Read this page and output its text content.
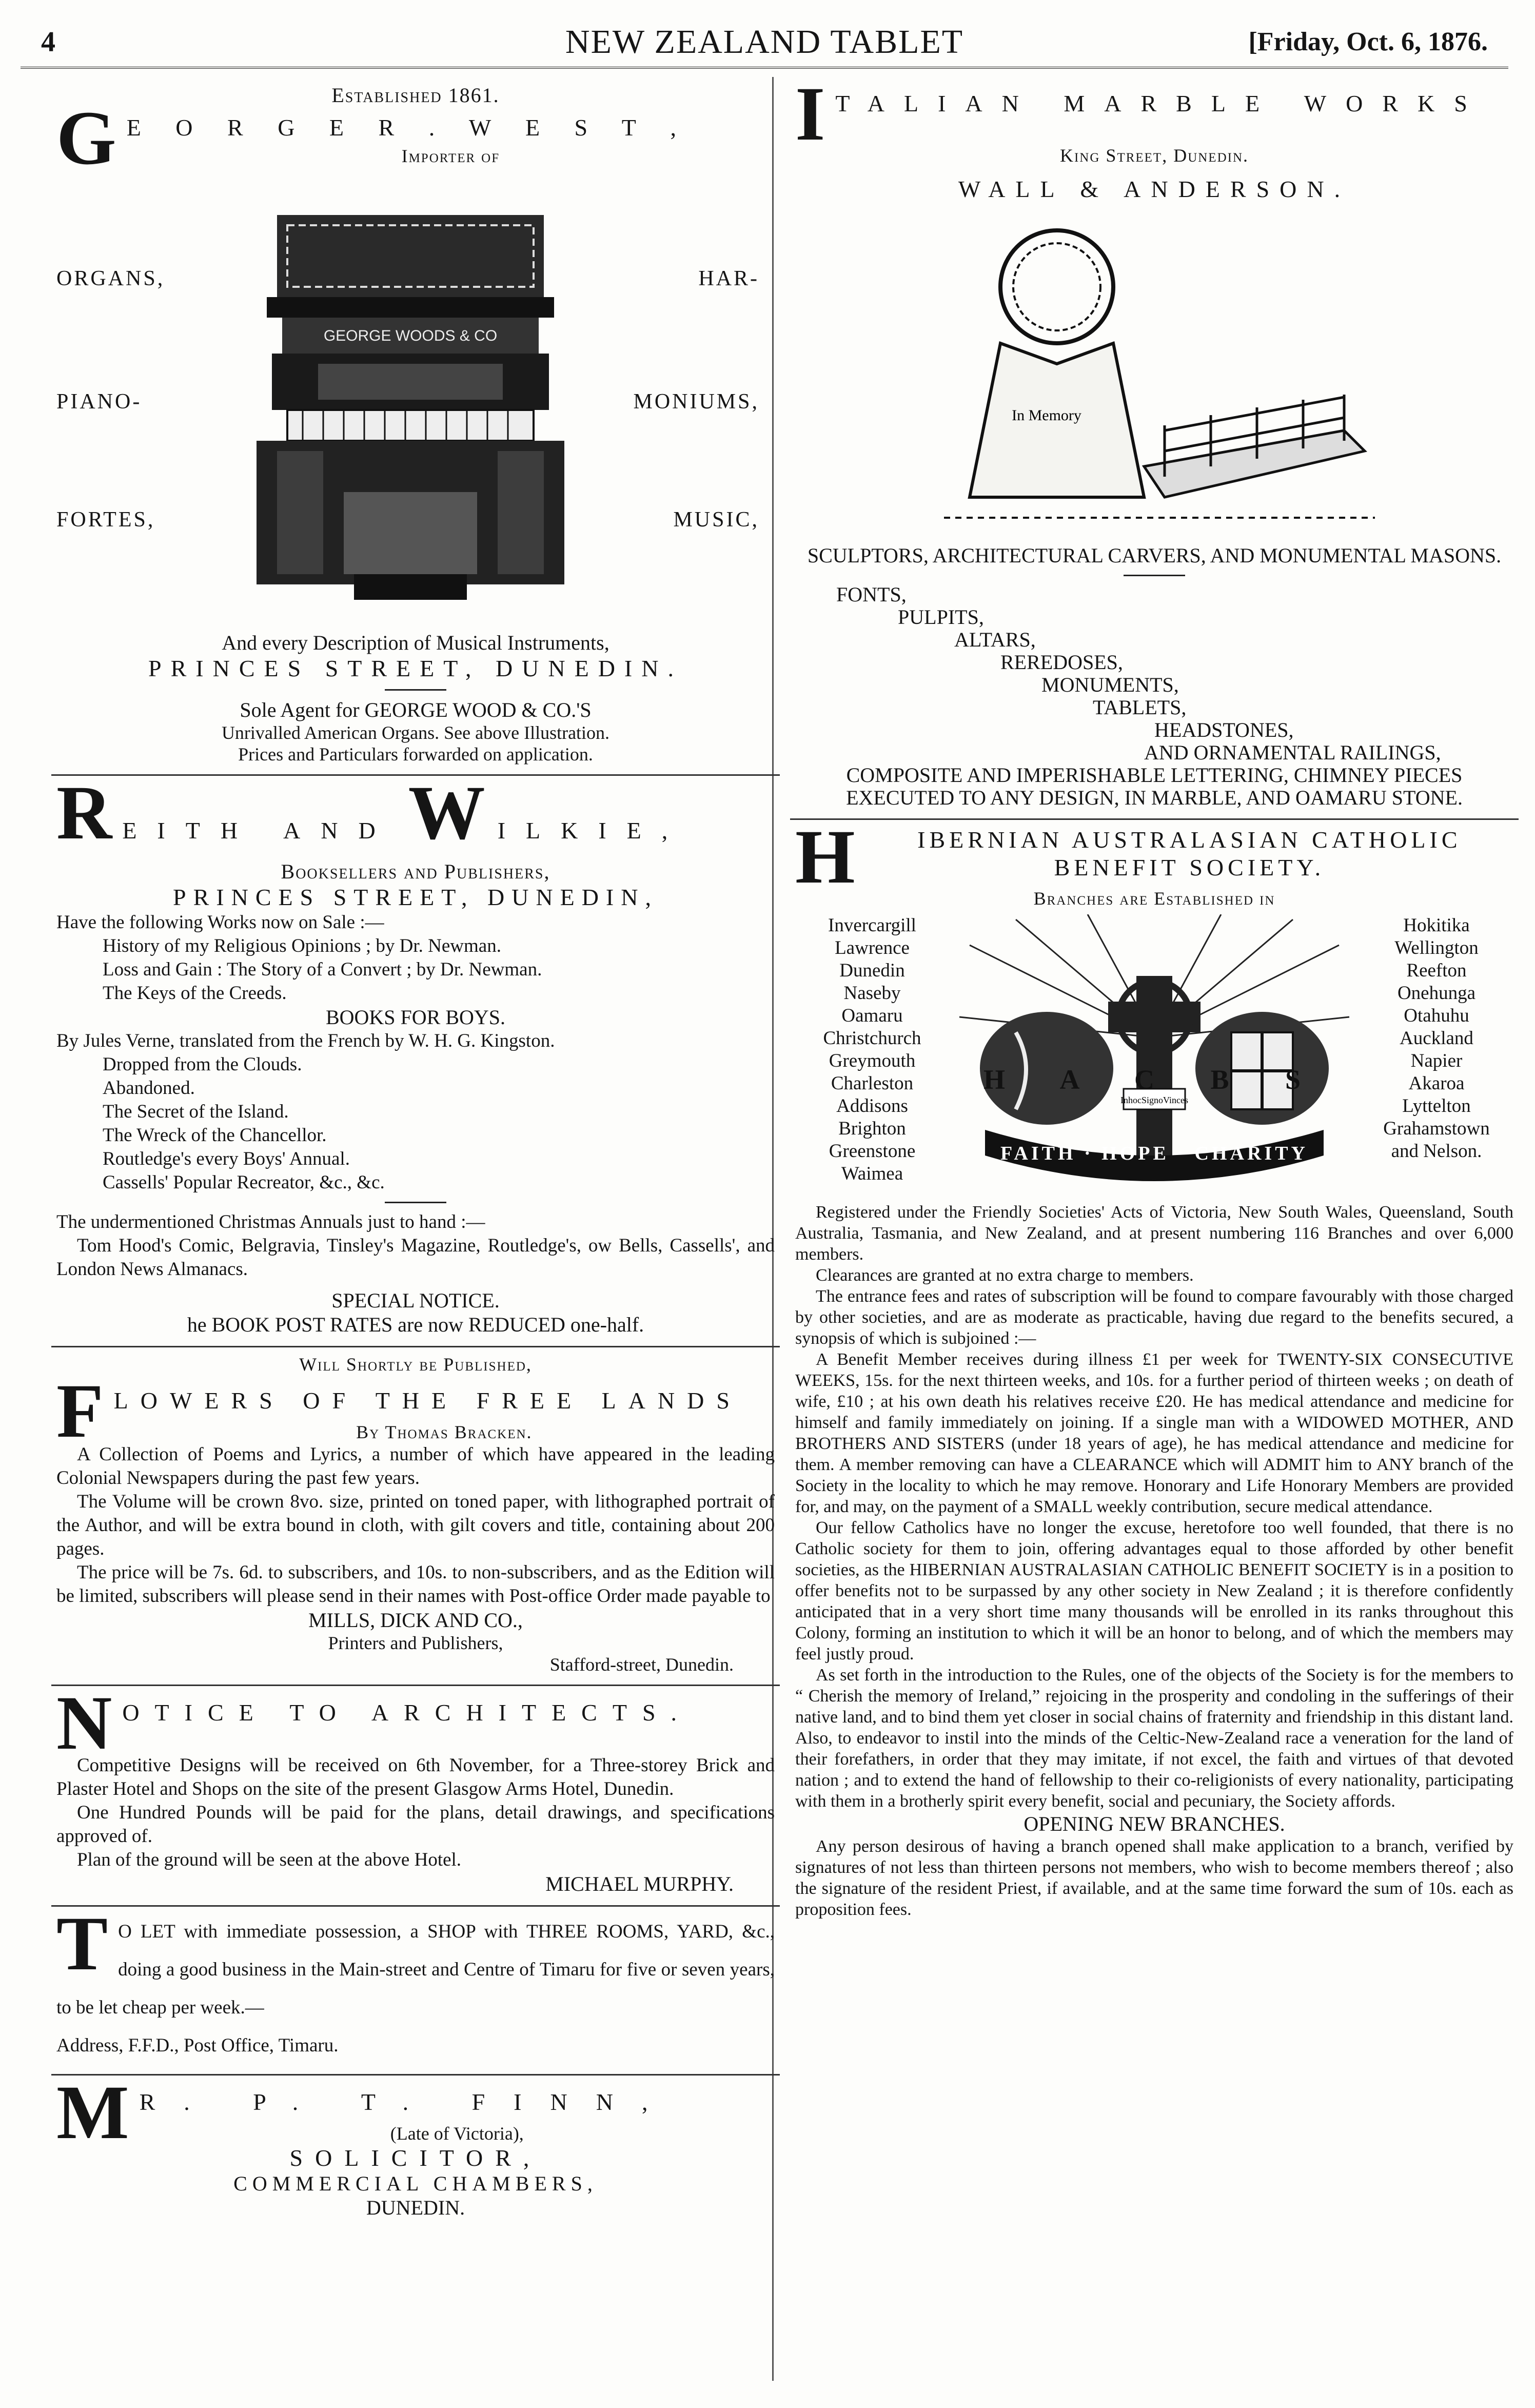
4	NEW ZEALAND TABLET	[Friday, Oct. 6, 1876.
Established 1861.
G E O R G E R . W E S T ,
Importer of
ORGANS,	HAR-
PIANO-	MONIUMS,
FORTES,	MUSIC,
GEORGE WOODS & CO
And every Description of Musical Instruments,
PRINCES STREET, DUNEDIN.
Sole Agent for GEORGE WOOD & CO.'S
Unrivalled American Organs. See above Illustration.
Prices and Particulars forwarded on application.
R EITH AND W ILKIE,
Booksellers and Publishers,
PRINCES STREET, DUNEDIN,
Have the following Works now on Sale :—

History of my Religious Opinions ; by Dr. Newman.

Loss and Gain : The Story of a Convert ; by Dr. Newman.

The Keys of the Creeds.

BOOKS FOR BOYS.
By Jules Verne, translated from the French by W. H. G. Kingston.

Dropped from the Clouds.

Abandoned.

The Secret of the Island.

The Wreck of the Chancellor.

Routledge's every Boys' Annual.

Cassells' Popular Recreator, &c., &c.

The undermentioned Christmas Annuals just to hand :—
Tom Hood's Comic, Belgravia, Tinsley's Magazine, Routledge's, ow Bells, Cassells', and London News Almanacs.
SPECIAL NOTICE.
he BOOK POST RATES are now REDUCED one-half.
Will Shortly be Published,
F LOWERS OF THE FREE LANDS
By Thomas Bracken.
A Collection of Poems and Lyrics, a number of which have appeared in the leading Colonial Newspapers during the past few years.
The Volume will be crown 8vo. size, printed on toned paper, with lithographed portrait of the Author, and will be extra bound in cloth, with gilt covers and title, containing about 200 pages.
The price will be 7s. 6d. to subscribers, and 10s. to non-subscribers, and as the Edition will be limited, subscribers will please send in their names with Post-office Order made payable to
MILLS, DICK AND CO.,
Printers and Publishers,
Stafford-street, Dunedin.
N OTICE TO ARCHITECTS.
Competitive Designs will be received on 6th November, for a Three-storey Brick and Plaster Hotel and Shops on the site of the present Glasgow Arms Hotel, Dunedin.
One Hundred Pounds will be paid for the plans, detail drawings, and specifications approved of.
Plan of the ground will be seen at the above Hotel.
MICHAEL MURPHY.
T O LET with immediate possession, a SHOP with THREE ROOMS, YARD, &c., doing a good business in the Main-street and Centre of Timaru for five or seven years, to be let cheap per week.—
Address, F.F.D., Post Office, Timaru.
M R. P. T. FINN,
(Late of Victoria),
SOLICITOR,
COMMERCIAL CHAMBERS,
DUNEDIN.
I TALIAN MARBLE WORKS
King Street, Dunedin.
WALL & ANDERSON.
In Memory
SCULPTORS, ARCHITECTURAL CARVERS, AND MONUMENTAL MASONS.
FONTS,
PULPITS,
ALTARS,
REREDOSES,
MONUMENTS,
TABLETS,
HEADSTONES,
AND ORNAMENTAL RAILINGS,
COMPOSITE AND IMPERISHABLE LETTERING, CHIMNEY PIECES EXECUTED TO ANY DESIGN, IN MARBLE, AND OAMARU STONE.
H	IBERNIAN AUSTRALASIAN CATHOLIC BENEFIT SOCIETY.
Branches are Established in
Invercargill
Lawrence
Dunedin
Naseby
Oamaru
Christchurch
Greymouth
Charleston
Addisons
Brighton
Greenstone
Waimea
InhocSignoVinces
H A C B S
FAITH · HOPE · CHARITY
Hokitika
Wellington
Reefton
Onehunga
Otahuhu
Auckland
Napier
Akaroa
Lyttelton
Grahamstown
and Nelson.
Registered under the Friendly Societies' Acts of Victoria, New South Wales, Queensland, South Australia, Tasmania, and New Zealand, and at present numbering 116 Branches and over 6,000 members.
Clearances are granted at no extra charge to members.
The entrance fees and rates of subscription will be found to compare favourably with those charged by other societies, and are as moderate as practicable, having due regard to the benefits secured, a synopsis of which is subjoined :—
A Benefit Member receives during illness £1 per week for TWENTY-SIX CONSECUTIVE WEEKS, 15s. for the next thirteen weeks, and 10s. for a further period of thirteen weeks ; on death of wife, £10 ; at his own death his relatives receive £20. He has medical attendance and medicine for himself and family immediately on joining. If a single man with a WIDOWED MOTHER, AND BROTHERS AND SISTERS (under 18 years of age), he has medical attendance and medicine for them. A member removing can have a CLEARANCE which will ADMIT him to ANY branch of the Society in the locality to which he may remove. Honorary and Life Honorary Members are provided for, and may, on the payment of a SMALL weekly contribution, secure medical attendance.
Our fellow Catholics have no longer the excuse, heretofore too well founded, that there is no Catholic society for them to join, offering advantages equal to those afforded by other benefit societies, as the HIBERNIAN AUSTRALASIAN CATHOLIC BENEFIT SOCIETY is in a position to offer benefits not to be surpassed by any other society in New Zealand ; it is therefore confidently anticipated that in a very short time many thousands will be enrolled in its ranks throughout this Colony, forming an institution to which it will be an honor to belong, and of which the members may feel justly proud.
As set forth in the introduction to the Rules, one of the objects of the Society is for the members to “ Cherish the memory of Ireland,” rejoicing in the prosperity and condoling in the sufferings of their native land, and to bind them yet closer in social chains of fraternity and friendship in this distant land. Also, to endeavor to instil into the minds of the Celtic-New-Zealand race a veneration for the land of their forefathers, in order that they may imitate, if not excel, the faith and virtues of that devoted nation ; and to extend the hand of fellowship to their co-religionists of every nationality, participating with them in a brotherly spirit every benefit, social and pecuniary, the Society affords.
OPENING NEW BRANCHES.
Any person desirous of having a branch opened shall make application to a branch, verified by signatures of not less than thirteen persons not members, who wish to become members thereof ; also the signature of the resident Priest, if available, and at the same time forward the sum of 10s. each as proposition fees.
